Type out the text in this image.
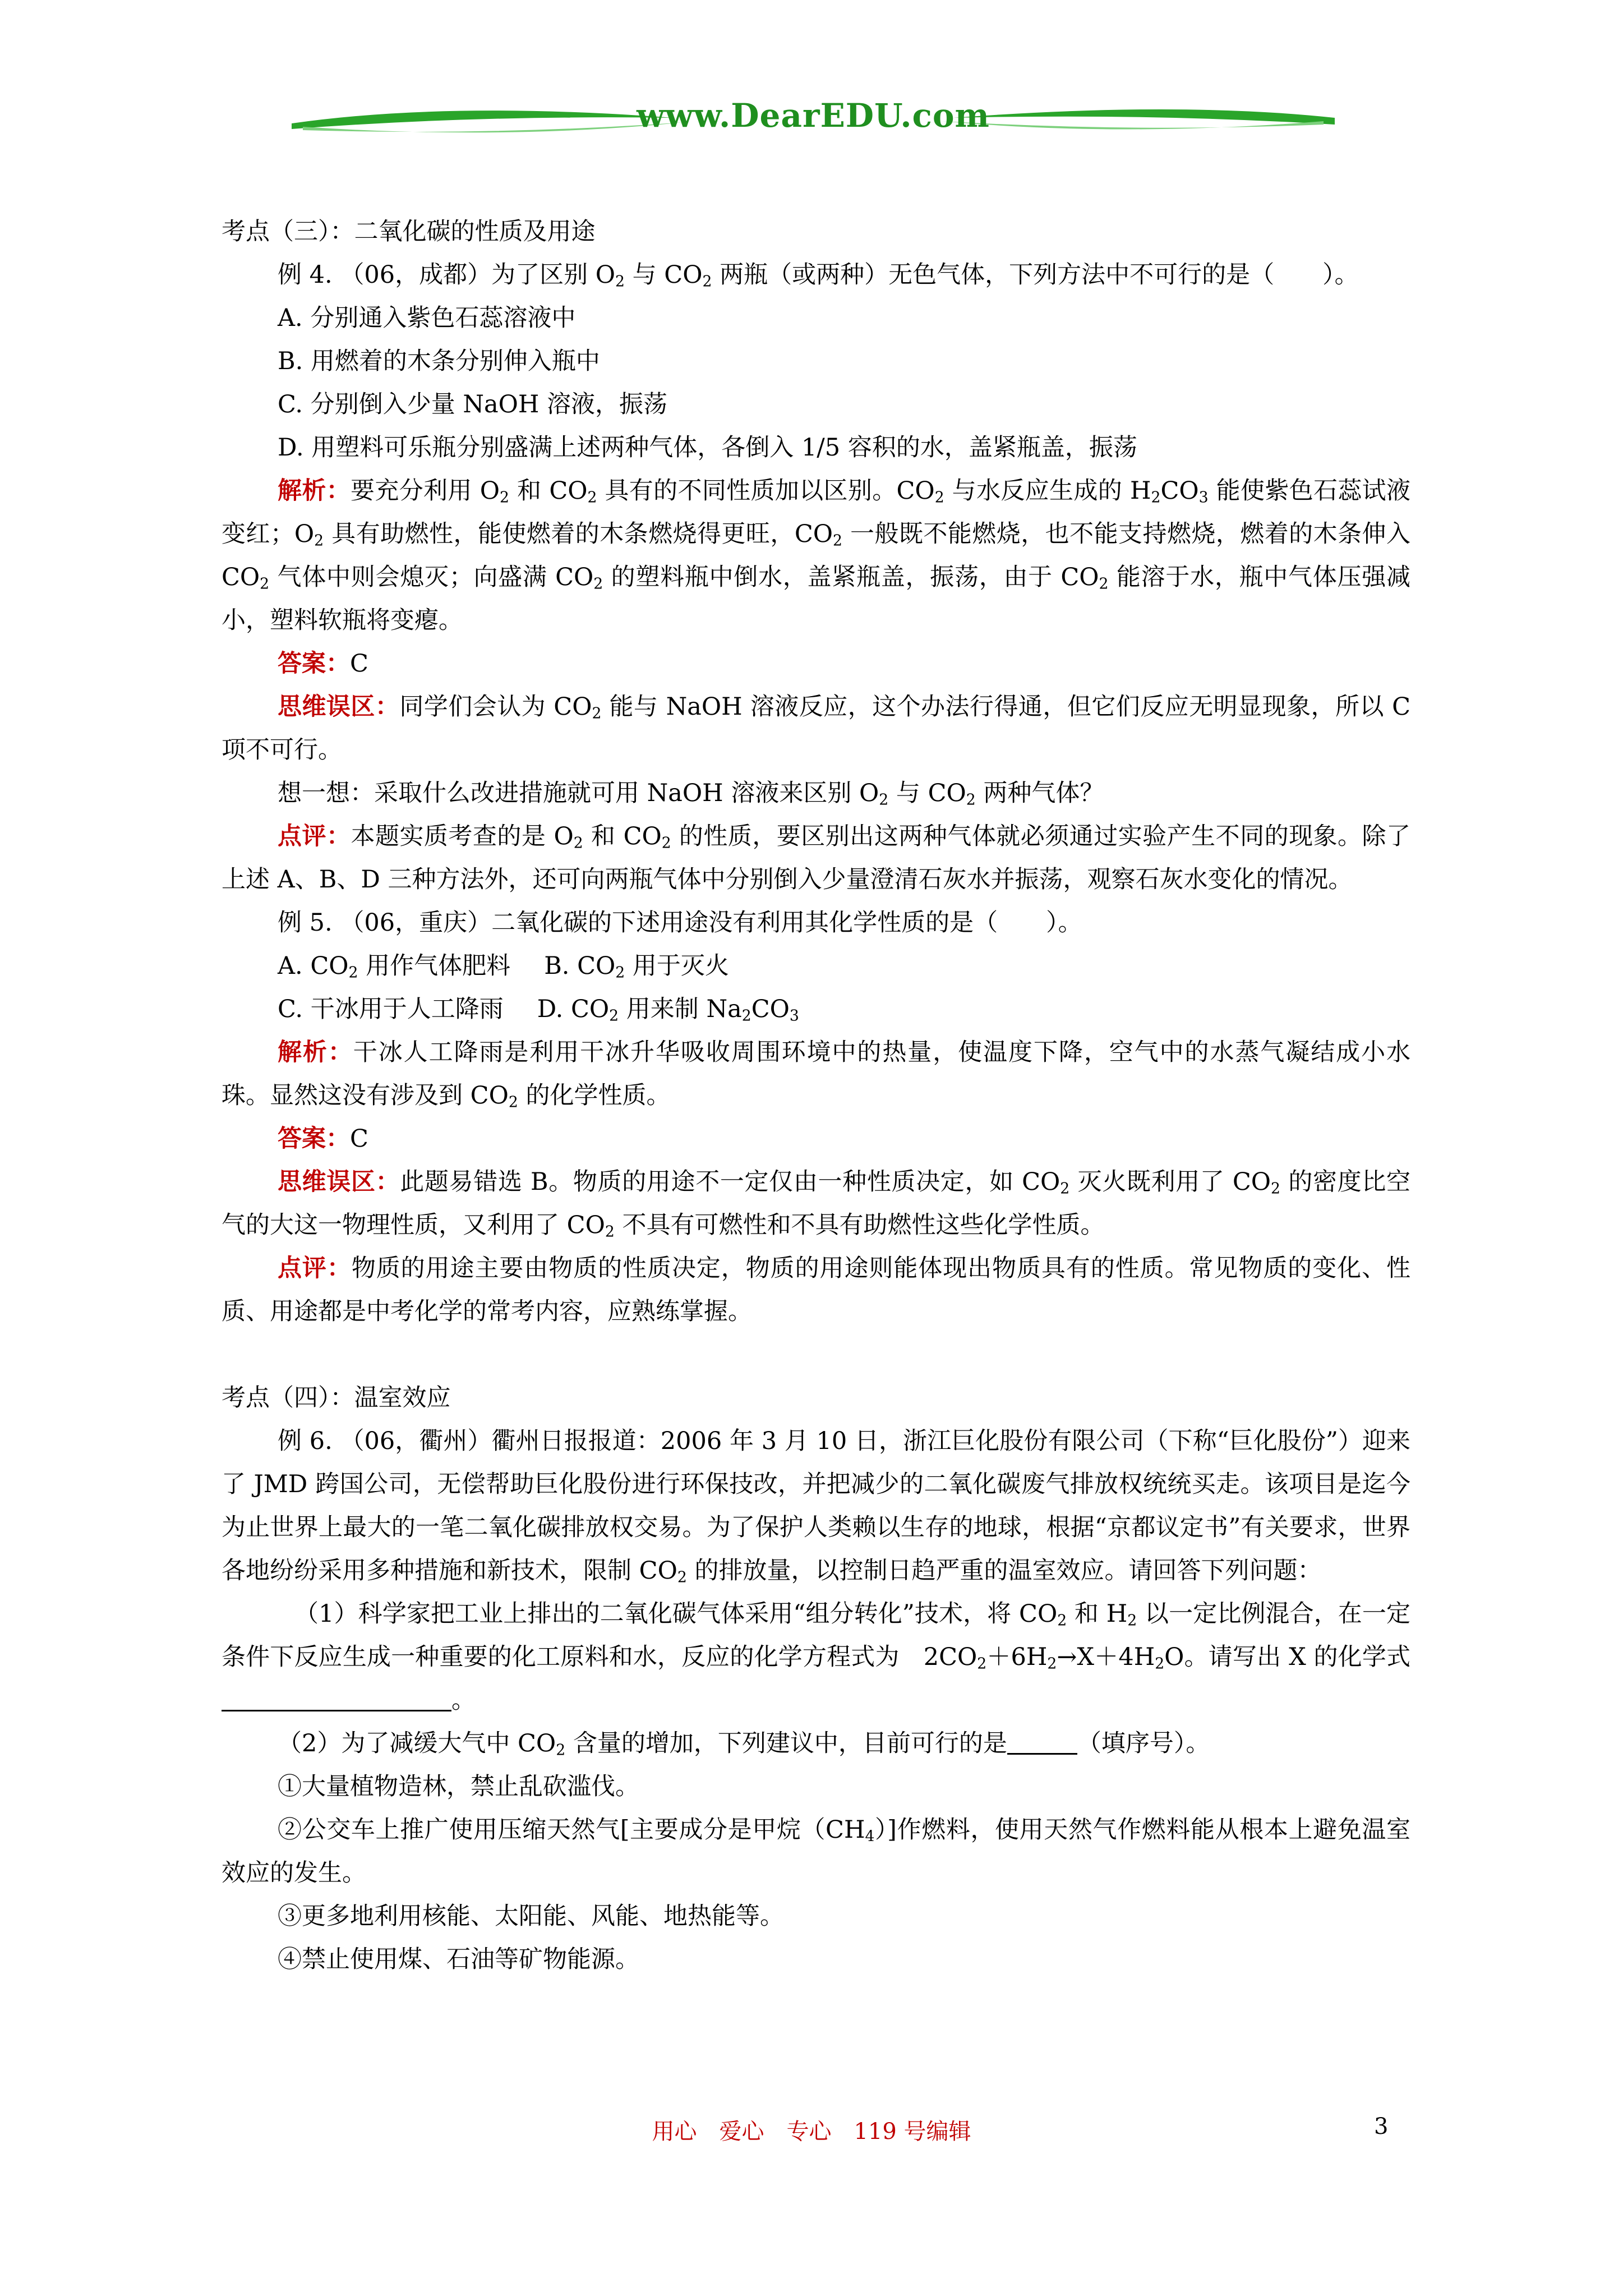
www.DearEDU.com

考点（三）：二氧化碳的性质及用途

例 4. （06，成都）为了区别 $O_2$ 与 $CO_2$ 两瓶（或两种）无色气体，下列方法中不可行的是（　　）。

A. 分别通入紫色石蕊溶液中

B. 用燃着的木条分别伸入瓶中

C. 分别倒入少量 NaOH 溶液，振荡

D. 用塑料可乐瓶分别盛满上述两种气体，各倒入 1/5 容积的水，盖紧瓶盖，振荡

解析：要充分利用 $O_2$ 和 $CO_2$ 具有的不同性质加以区别。$CO_2$ 与水反应生成的 $H_2CO_3$ 能使紫色石蕊试液变红；$O_2$ 具有助燃性，能使燃着的木条燃烧得更旺，$CO_2$ 一般既不能燃烧，也不能支持燃烧，燃着的木条伸入 $CO_2$ 气体中则会熄灭；向盛满 $CO_2$ 的塑料瓶中倒水，盖紧瓶盖，振荡，由于 $CO_2$ 能溶于水，瓶中气体压强减小，塑料软瓶将变瘪。

答案：C

思维误区：同学们会认为 $CO_2$ 能与 NaOH 溶液反应，这个办法行得通，但它们反应无明显现象，所以 C 项不可行。

想一想：采取什么改进措施就可用 NaOH 溶液来区别 $O_2$ 与 $CO_2$ 两种气体？

点评：本题实质考查的是 $O_2$ 和 $CO_2$ 的性质，要区别出这两种气体就必须通过实验产生不同的现象。除了上述 A、B、D 三种方法外，还可向两瓶气体中分别倒入少量澄清石灰水并振荡，观察石灰水变化的情况。

例 5. （06，重庆）二氧化碳的下述用途没有利用其化学性质的是（　　）。

A. $CO_2$ 用作气体肥料 B. $CO_2$ 用于灭火

C. 干冰用于人工降雨 D. $CO_2$ 用来制 $Na_2CO_3$

解析：干冰人工降雨是利用干冰升华吸收周围环境中的热量，使温度下降，空气中的水蒸气凝结成小水珠。显然这没有涉及到 $CO_2$ 的化学性质。

答案：C

思维误区：此题易错选 B。物质的用途不一定仅由一种性质决定，如 $CO_2$ 灭火既利用了 $CO_2$ 的密度比空气的大这一物理性质，又利用了 $CO_2$ 不具有可燃性和不具有助燃性这些化学性质。

点评：物质的用途主要由物质的性质决定，物质的用途则能体现出物质具有的性质。常见物质的变化、性质、用途都是中考化学的常考内容，应熟练掌握。

考点（四）：温室效应

例 6. （06，衢州）衢州日报报道：2006 年 3 月 10 日，浙江巨化股份有限公司（下称“巨化股份”）迎来了 JMD 跨国公司，无偿帮助巨化股份进行环保技改，并把减少的二氧化碳废气排放权统统买走。该项目是迄今为止世界上最大的一笔二氧化碳排放权交易。为了保护人类赖以生存的地球，根据“京都议定书”有关要求，世界各地纷纷采用多种措施和新技术，限制 $CO_2$ 的排放量，以控制日趋严重的温室效应。请回答下列问题：

（1）科学家把工业上排出的二氧化碳气体采用“组分转化”技术，将 $CO_2$ 和 $H_2$ 以一定比例混合，在一定条件下反应生成一种重要的化工原料和水，反应的化学方程式为　$2CO_2+6H_2\to X+4H_2O$。请写出 X 的化学式。

（2）为了减缓大气中 $CO_2$ 含量的增加，下列建议中，目前可行的是	（填序号）。

①大量植物造林，禁止乱砍滥伐。

②公交车上推广使用压缩天然气[主要成分是甲烷$(CH_4)$]作燃料，使用天然气作燃料能从根本上避免温室效应的发生。

③更多地利用核能、太阳能、风能、地热能等。

④禁止使用煤、石油等矿物能源。

用心　爱心　专心　119 号编辑	3
